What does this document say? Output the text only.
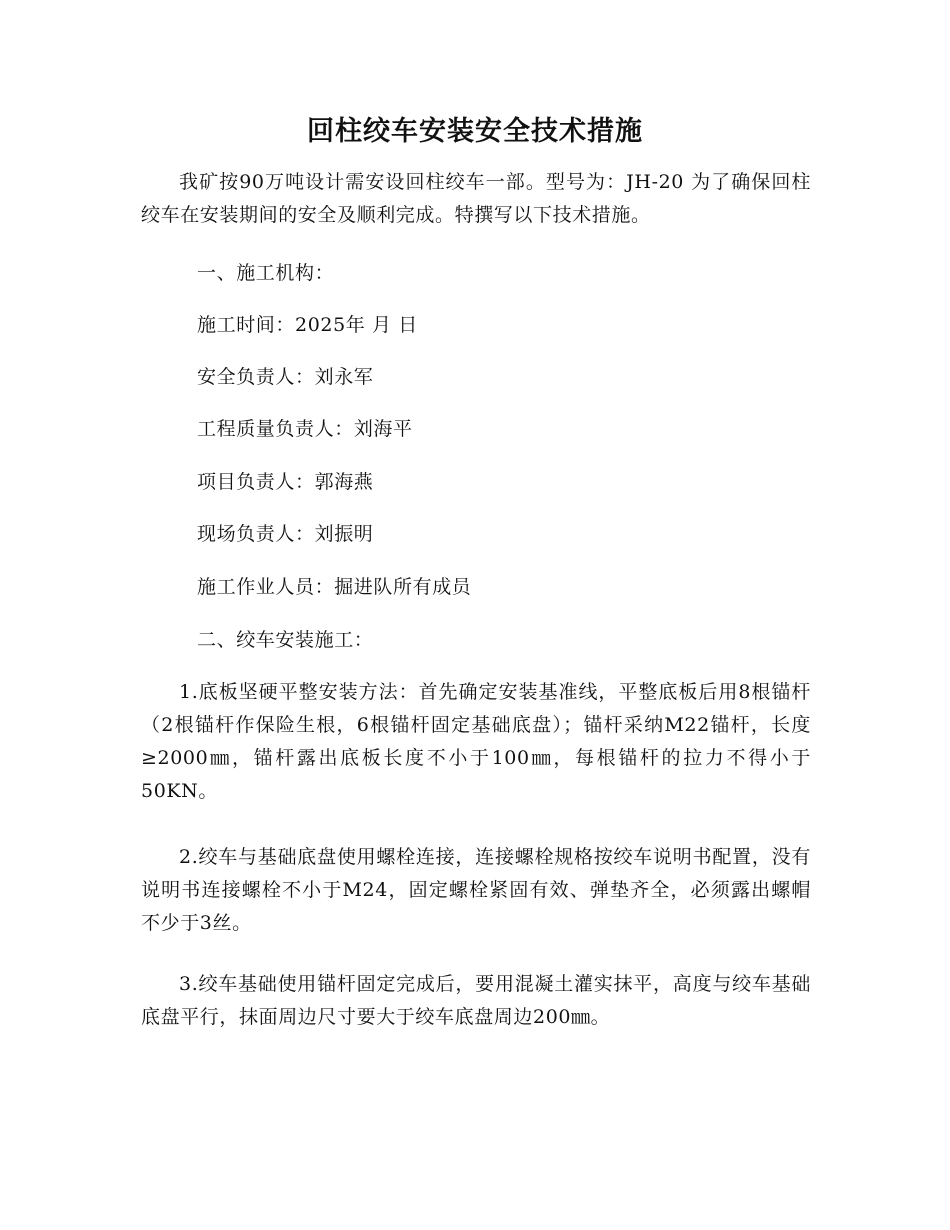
回柱绞车安装安全技术措施

我矿按90万吨设计需安设回柱绞车一部。型号为：JH-20 为了确保回柱绞车在安装期间的安全及顺利完成。特撰写以下技术措施。

一、施工机构：

施工时间：2025年 月 日

安全负责人：刘永军

工程质量负责人：刘海平

项目负责人：郭海燕

现场负责人：刘振明

施工作业人员：掘进队所有成员

二、绞车安装施工：

1.底板坚硬平整安装方法：首先确定安装基准线，平整底板后用8根锚杆（2根锚杆作保险生根，6根锚杆固定基础底盘）；锚杆采纳M22锚杆，长度≥2000㎜，锚杆露出底板长度不小于100㎜，每根锚杆的拉力不得小于50KN。

2.绞车与基础底盘使用螺栓连接，连接螺栓规格按绞车说明书配置，没有说明书连接螺栓不小于M24，固定螺栓紧固有效、弹垫齐全，必须露出螺帽不少于3丝。

3.绞车基础使用锚杆固定完成后，要用混凝土灌实抹平，高度与绞车基础底盘平行，抹面周边尺寸要大于绞车底盘周边200㎜。
